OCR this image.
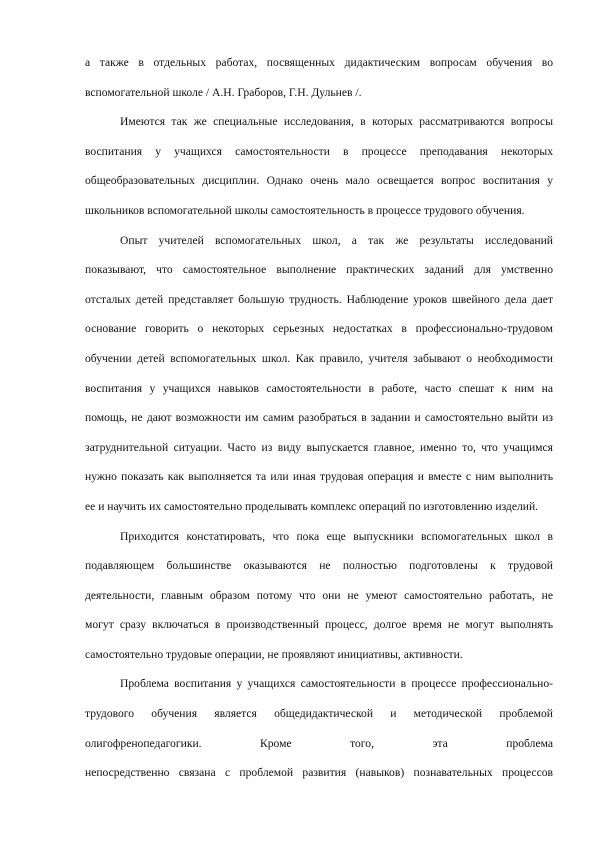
а также в отдельных работах, посвященных дидактическим вопросам обучения во
вспомогательной школе / А.Н. Граборов, Г.Н. Дульнев /.
Имеются так же специальные исследования, в которых рассматриваются вопросы
воспитания у учащихся самостоятельности в процессе преподавания некоторых
общеобразовательных дисциплин. Однако очень мало освещается вопрос воспитания у
школьников вспомогательной школы самостоятельность в процессе трудового обучения.
Опыт учителей вспомогательных школ, а так же результаты исследований
показывают, что самостоятельное выполнение практических заданий для умственно
отсталых детей представляет большую трудность. Наблюдение уроков швейного дела дает
основание говорить о некоторых серьезных недостатках в профессионально-трудовом
обучении детей вспомогательных школ. Как правило, учителя забывают о необходимости
воспитания у учащихся навыков самостоятельности в работе, часто спешат к ним на
помощь, не дают возможности им самим разобраться в задании и самостоятельно выйти из
затруднительной ситуации. Часто из виду выпускается главное, именно то, что учащимся
нужно показать как выполняется та или иная трудовая операция и вместе с ним выполнить
ее и научить их самостоятельно проделывать комплекс операций по изготовлению изделий.
Приходится констатировать, что пока еще выпускники вспомогательных школ в
подавляющем большинстве оказываются не полностью подготовлены к трудовой
деятельности, главным образом потому что они не умеют самостоятельно работать, не
могут сразу включаться в производственный процесс, долгое время не могут выполнять
самостоятельно трудовые операции, не проявляют инициативы, активности.
Проблема воспитания у учащихся самостоятельности в процессе профессионально-
трудового обучения является общедидактической и методической проблемой
олигофренопедагогики. Кроме того, эта проблема
непосредственно связана с проблемой развития (навыков) познавательных процессов
